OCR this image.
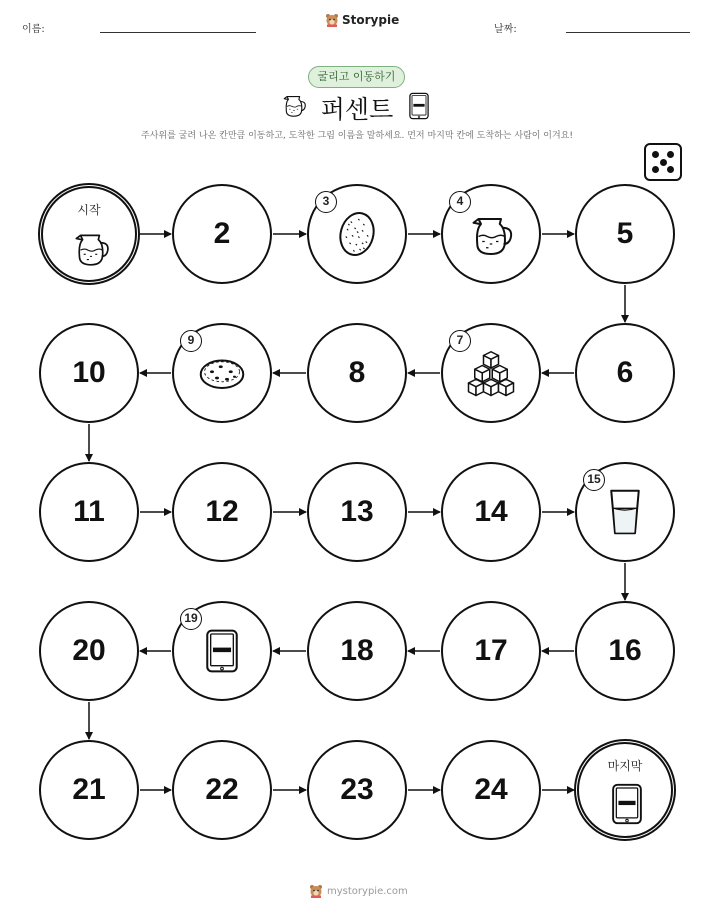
이름:
Storypie
날짜:
굴리고 이동하기
퍼센트
주사위를 굴려 나온 칸만큼 이동하고, 도착한 그림 이름을 말하세요. 먼저 마지막 칸에 도착하는 사람이 이겨요!
시작
2
3	4
5
6
7
8
9
10
11	12	13	14
15
16
17
18
19
20
21	22	23	24
마지막
mystorypie.com
